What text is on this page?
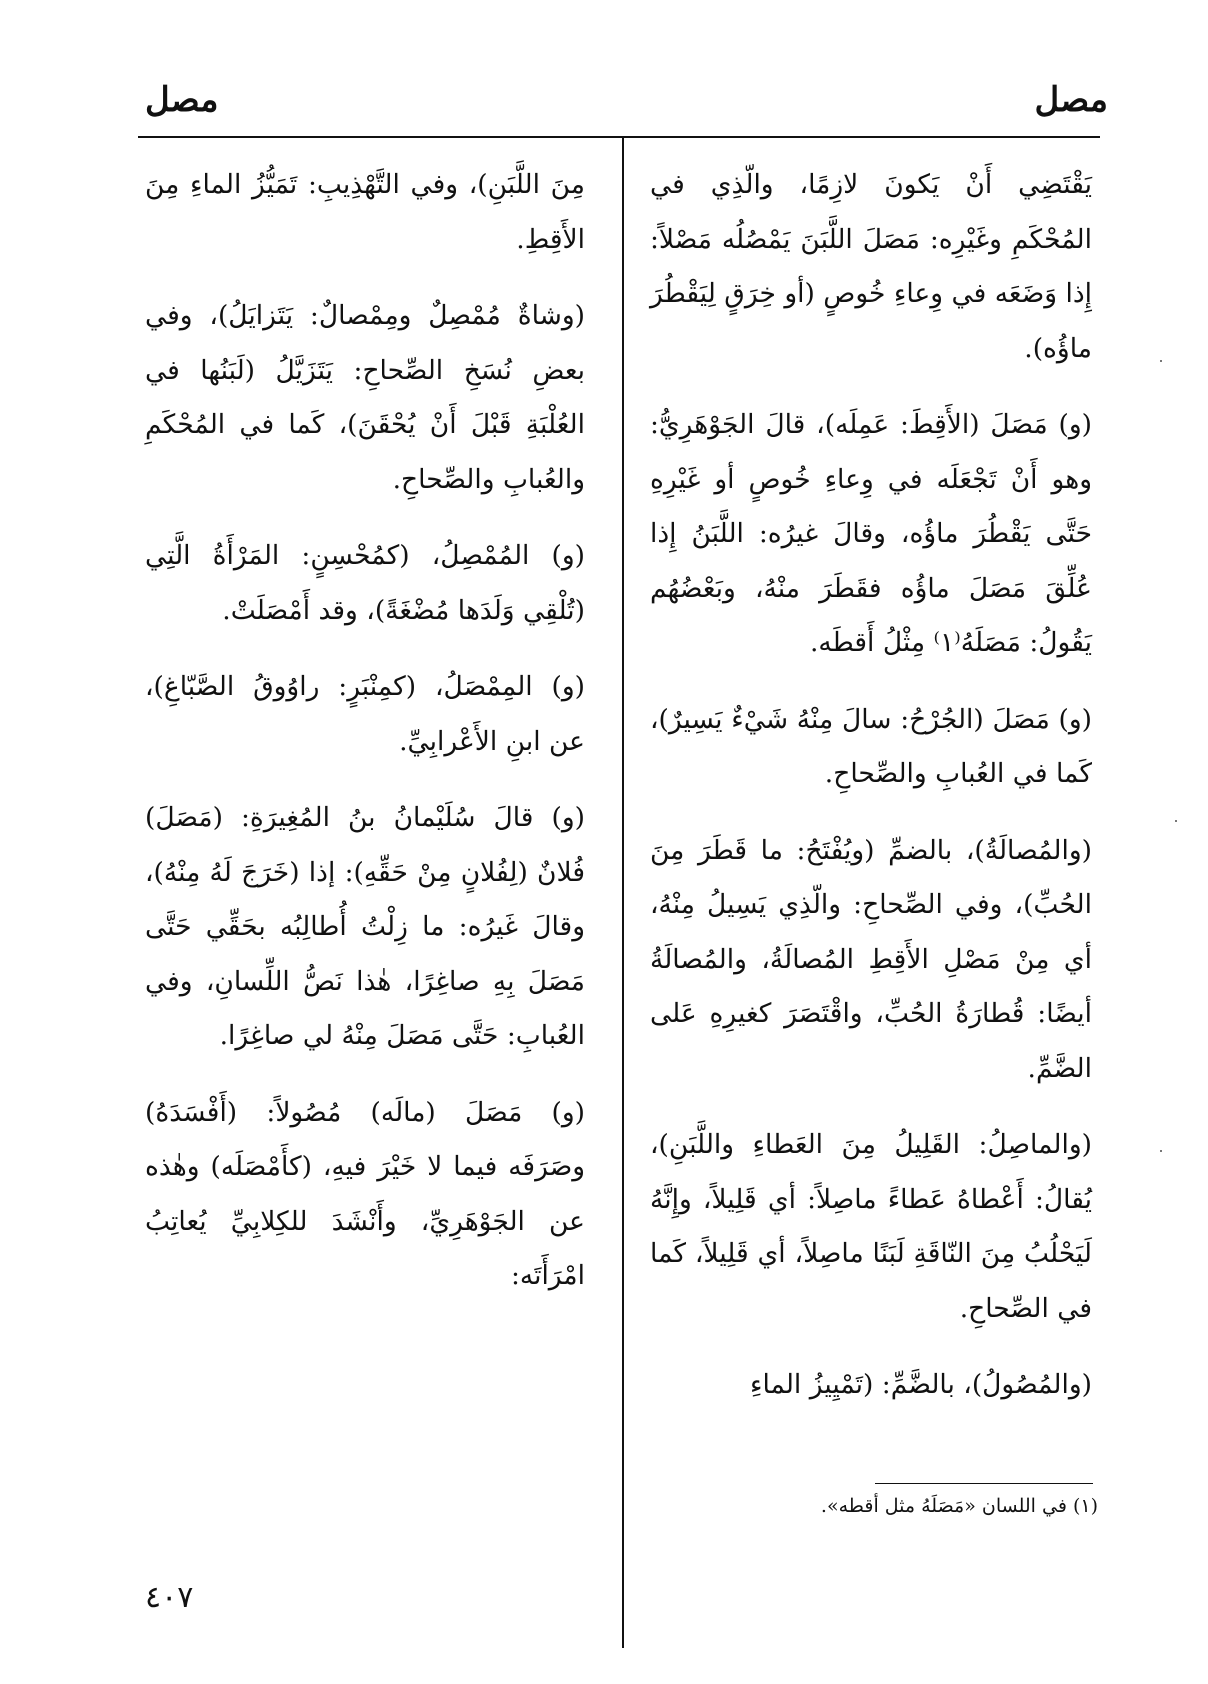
مصل
مصل

يَقْتَضِي أَنْ يَكونَ لازِمًا، والّذِي في المُحْكَمِ وغَيْرِه: مَصَلَ اللَّبَنَ يَمْصُلُه مَصْلاً: إِذا وَضَعَه في وِعاءِ خُوصٍ (أو خِرَقٍ لِيَقْطُرَ ماؤُه).

(و) مَصَلَ (الأَقِطَ: عَمِلَه)، قالَ الجَوْهَرِيُّ: وهو أَنْ تَجْعَلَه في وِعاءِ خُوصٍ أو غَيْرِهِ حَتَّى يَقْطُرَ ماؤُه، وقالَ غيرُه: اللَّبَنُ إِذا عُلِّقَ مَصَلَ ماؤُه فقَطَرَ منْهُ، وبَعْضُهُم يَقُولُ: مَصَلَهُ⁽١⁾ مِثْلُ أَقطَه.

(و) مَصَلَ (الجُرْحُ: سالَ مِنْهُ شَيْءٌ يَسِيرٌ)، كَما في العُبابِ والصِّحاحِ.

(والمُصالَةُ)، بالضمِّ (ويُفْتَحُ: ما قَطَرَ مِنَ الحُبِّ)، وفي الصِّحاحِ: والّذِي يَسِيلُ مِنْهُ، أي مِنْ مَصْلِ الأَقِطِ المُصالَةُ، والمُصالَةُ أيضًا: قُطارَةُ الحُبِّ، واقْتَصَرَ كغيرِهِ عَلى الضَّمِّ.

(والماصِلُ: القَلِيلُ مِنَ العَطاءِ واللَّبَنِ)، يُقالُ: أَعْطاهُ عَطاءً ماصِلاً: أي قَلِيلاً، وإِنَّهُ لَيَحْلُبُ مِنَ النّاقَةِ لَبَنًا ماصِلاً، أي قَلِيلاً، كَما في الصِّحاحِ.

(والمُصُولُ)، بالضَّمِّ: (تَمْيِيزُ الماءِ

مِنَ اللَّبَنِ)، وفي التَّهْذِيبِ: تَمَيُّزُ الماءِ مِنَ الأَقِطِ.

(وشاةٌ مُمْصِلٌ ومِمْصالٌ: يَتَزايَلُ)، وفي بعضِ نُسَخِ الصِّحاحِ: يَتَزَيَّلُ (لَبَنُها في العُلْبَةِ قَبْلَ أَنْ يُحْقَنَ)، كَما في المُحْكَمِ والعُبابِ والصِّحاحِ.

(و) المُمْصِلُ، (كمُحْسِنٍ: المَرْأَةُ الَّتِي (تُلْقِي وَلَدَها مُضْغَةً)، وقد أَمْصَلَتْ.

(و) المِمْصَلُ، (كمِنْبَرٍ: راوُوقُ الصَّبّاغِ)، عن ابنِ الأَعْرابِيِّ.

(و) قالَ سُلَيْمانُ بنُ المُغِيرَةِ: (مَصَلَ) فُلانٌ (لِفُلانٍ مِنْ حَقِّهِ): إذا (خَرَجَ لَهُ مِنْهُ)، وقالَ غَيرُه: ما زِلْتُ أُطالِبُه بحَقِّي حَتَّى مَصَلَ بِهِ صاغِرًا، هٰذا نَصُّ اللِّسانِ، وفي العُبابِ: حَتَّى مَصَلَ مِنْهُ لي صاغِرًا.

(و) مَصَلَ (مالَه) مُصُولاً: (أَفْسَدَهُ) وصَرَفَه فيما لا خَيْرَ فيهِ، (كأَمْصَلَه) وهٰذه عن الجَوْهَرِيِّ، وأَنْشَدَ للكِلابِيِّ يُعاتِبُ امْرَأَتَه:

(١) في اللسان «مَصَلَهُ مثل أقطه».
٤٠٧
